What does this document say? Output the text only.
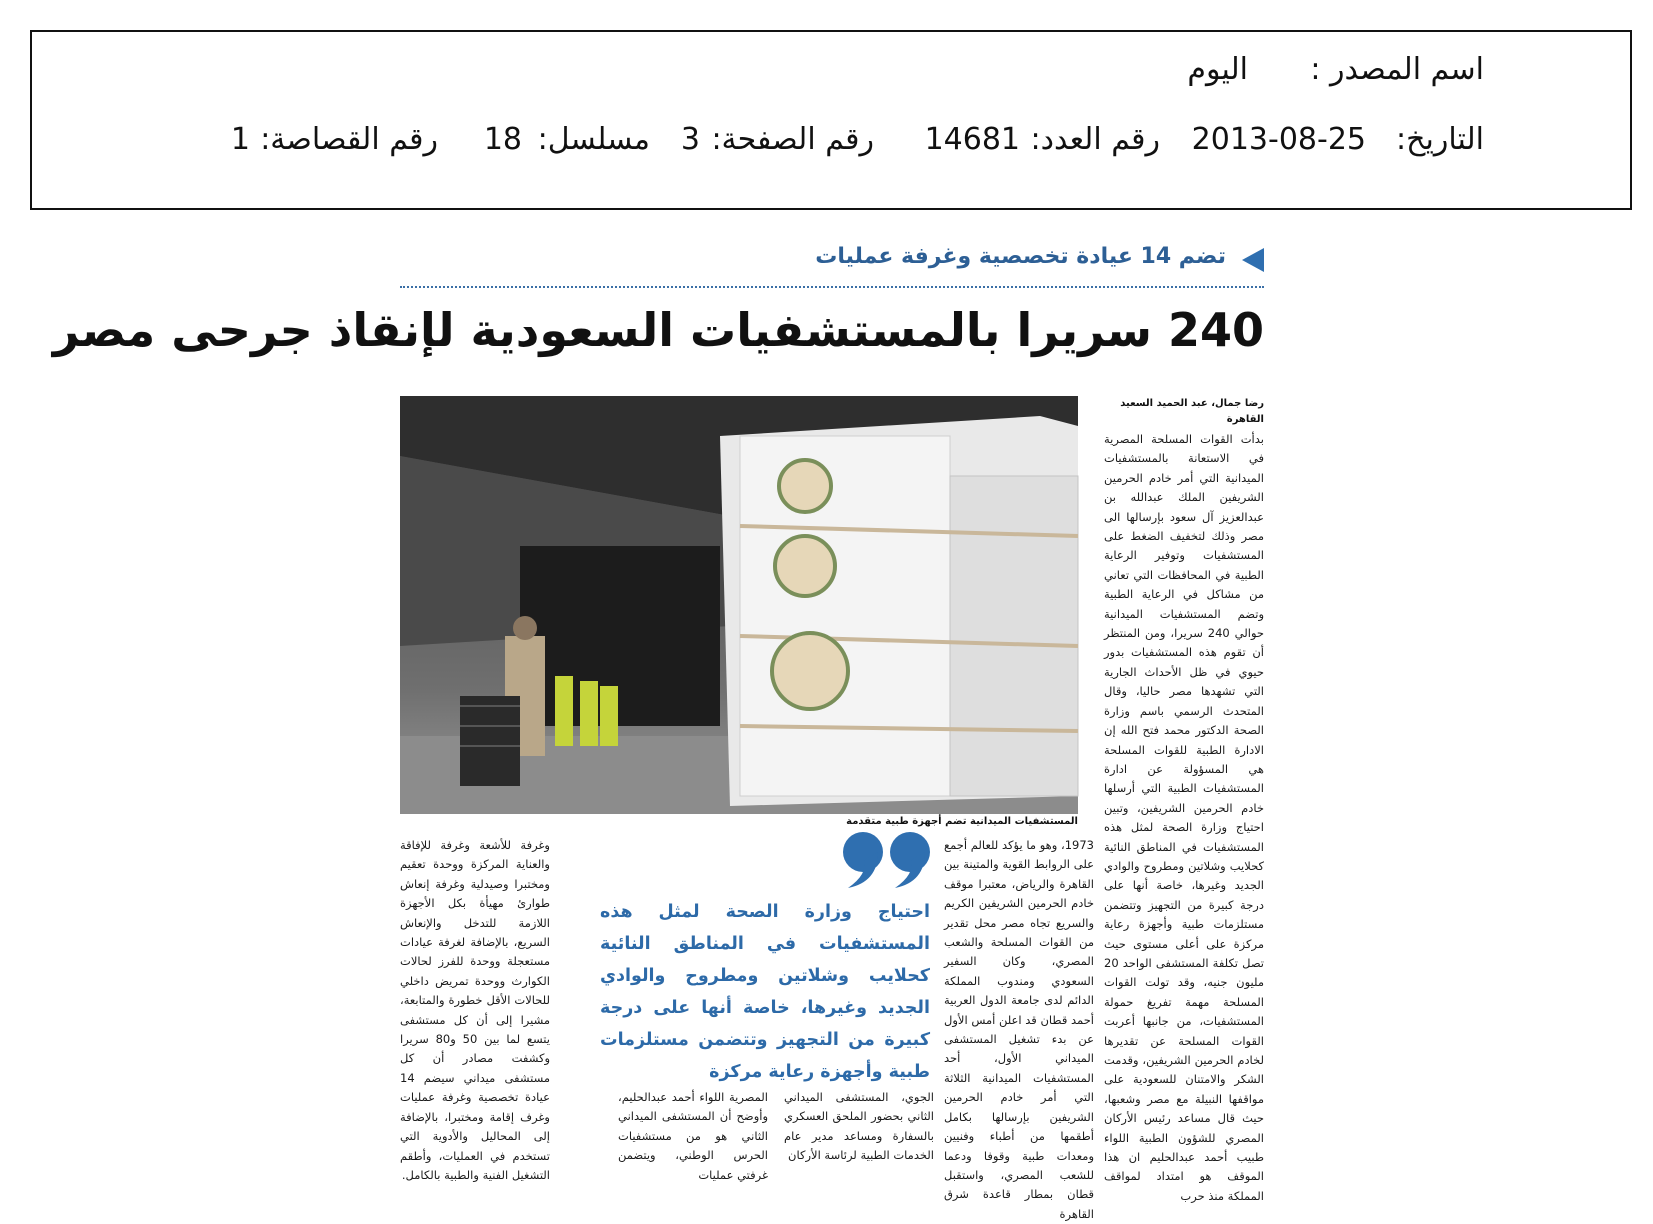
اسم المصدر :
اليوم
التاريخ:
2013-08-25
رقم العدد:
14681
رقم الصفحة:
3
مسلسل:
18
رقم القصاصة:
1
تضم 14 عيادة تخصصية وغرفة عمليات
240 سريرا بالمستشفيات السعودية لإنقاذ جرحى مصر
المستشفيات الميدانية تضم أجهزة طبية متقدمة
رضا جمال، عبد الحميد السعيد
القاهرة
بدأت القوات المسلحة المصرية في الاستعانة بالمستشفيات الميدانية التي أمر خادم الحرمين الشريفين الملك عبدالله بن عبدالعزيز آل سعود بإرسالها الى مصر وذلك لتخفيف الضغط على المستشفيات وتوفير الرعاية الطبية في المحافظات التي تعاني من مشاكل في الرعاية الطبية وتضم المستشفيات الميدانية حوالي 240 سريرا، ومن المنتظر أن تقوم هذه المستشفيات بدور حيوي في ظل الأحداث الجارية التي تشهدها مصر حاليا، وقال المتحدث الرسمي باسم وزارة الصحة الدكتور محمد فتح الله إن الادارة الطبية للقوات المسلحة هي المسؤولة عن ادارة المستشفيات الطبية التي أرسلها خادم الحرمين الشريفين، وتبين احتياج وزارة الصحة لمثل هذه المستشفيات في المناطق النائية كحلايب وشلاتين ومطروح والوادي الجديد وغيرها، خاصة أنها على درجة كبيرة من التجهيز وتتضمن مستلزمات طبية وأجهزة رعاية مركزة على أعلى مستوى حيث تصل تكلفة المستشفى الواحد 20 مليون جنيه، وقد تولت القوات المسلحة مهمة تفريغ حمولة المستشفيات، من جانبها أعربت القوات المسلحة عن تقديرها لخادم الحرمين الشريفين، وقدمت الشكر والامتنان للسعودية على مواقفها النبيلة مع مصر وشعبها، حيث قال مساعد رئيس الأركان المصري للشؤون الطبية اللواء طبيب أحمد عبدالحليم ان هذا الموقف هو امتداد لمواقف المملكة منذ حرب
1973، وهو ما يؤكد للعالم أجمع على الروابط القوية والمتينة بين القاهرة والرياض، معتبرا موقف خادم الحرمين الشريفين الكريم والسريع تجاه مصر محل تقدير من القوات المسلحة والشعب المصري، وكان السفير السعودي ومندوب المملكة الدائم لدى جامعة الدول العربية أحمد قطان قد اعلن أمس الأول عن بدء تشغيل المستشفى الميداني الأول، أحد المستشفيات الميدانية الثلاثة التي أمر خادم الحرمين الشريفين بإرسالها بكامل أطقمها من أطباء وفنيين ومعدات طبية وقوفا ودعما للشعب المصري، واستقبل قطان بمطار قاعدة شرق القاهرة
الجوي، المستشفى الميداني الثاني بحضور الملحق العسكري بالسفارة ومساعد مدير عام الخدمات الطبية لرئاسة الأركان
المصرية اللواء أحمد عبدالحليم، وأوضح أن المستشفى الميداني الثاني هو من مستشفيات الحرس الوطني، ويتضمن غرفتي عمليات
وغرفة للأشعة وغرفة للإفاقة والعناية المركزة ووحدة تعقيم ومختبرا وصيدلية وغرفة إنعاش طوارئ مهيأة بكل الأجهزة اللازمة للتدخل والإنعاش السريع، بالإضافة لغرفة عيادات مستعجلة ووحدة للفرز لحالات الكوارث ووحدة تمريض داخلي للحالات الأقل خطورة والمتابعة، مشيرا إلى أن كل مستشفى يتسع لما بين 50 و80 سريرا وكشفت مصادر أن كل مستشفى ميداني سيضم 14 عيادة تخصصية وغرفة عمليات وغرف إقامة ومختبرا، بالإضافة إلى المحاليل والأدوية التي تستخدم في العمليات، وأطقم التشغيل الفنية والطبية بالكامل.
احتياج وزارة الصحة لمثل هذه المستشفيات في المناطق النائية كحلايب وشلاتين ومطروح والوادي الجديد وغيرها، خاصة أنها على درجة كبيرة من التجهيز وتتضمن مستلزمات طبية وأجهزة رعاية مركزة
